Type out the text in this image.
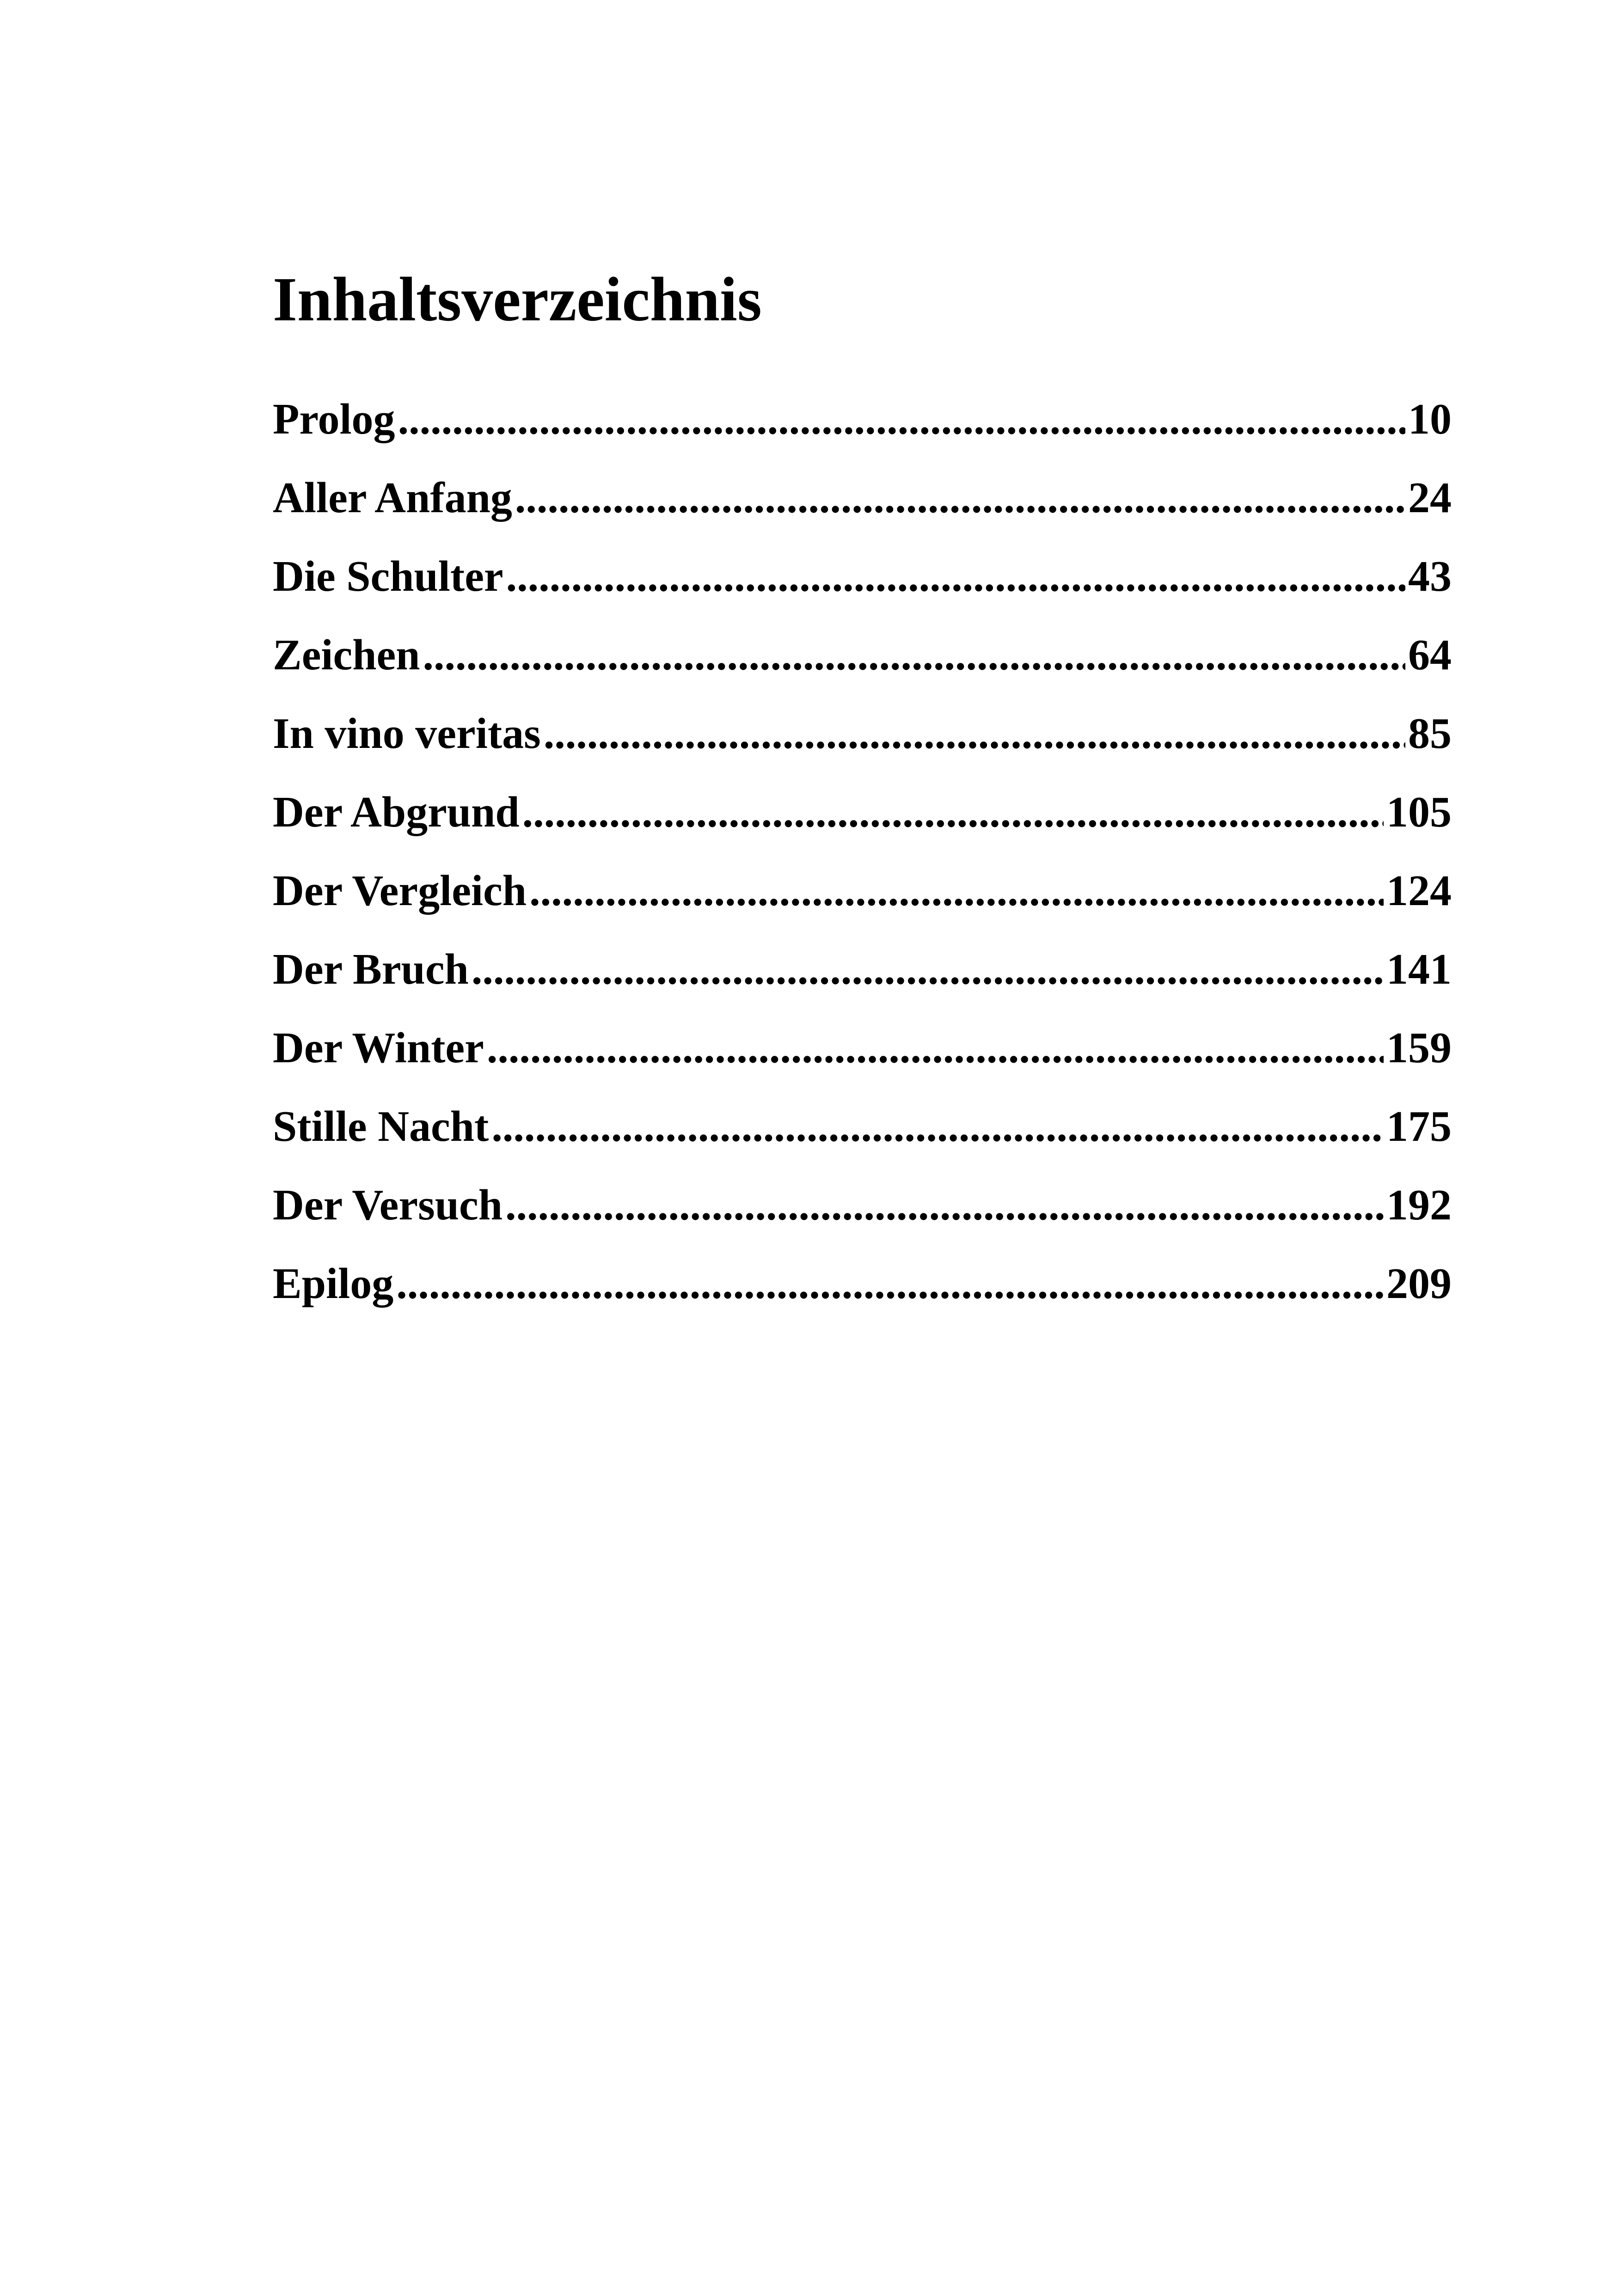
Inhaltsverzeichnis
Prolog .....	10
Aller Anfang .....	24
Die Schulter .....	43
Zeichen .....	64
In vino veritas .....	85
Der Abgrund .....	105
Der Vergleich .....	124
Der Bruch .....	141
Der Winter .....	159
Stille Nacht .....	175
Der Versuch .....	192
Epilog .....	209
